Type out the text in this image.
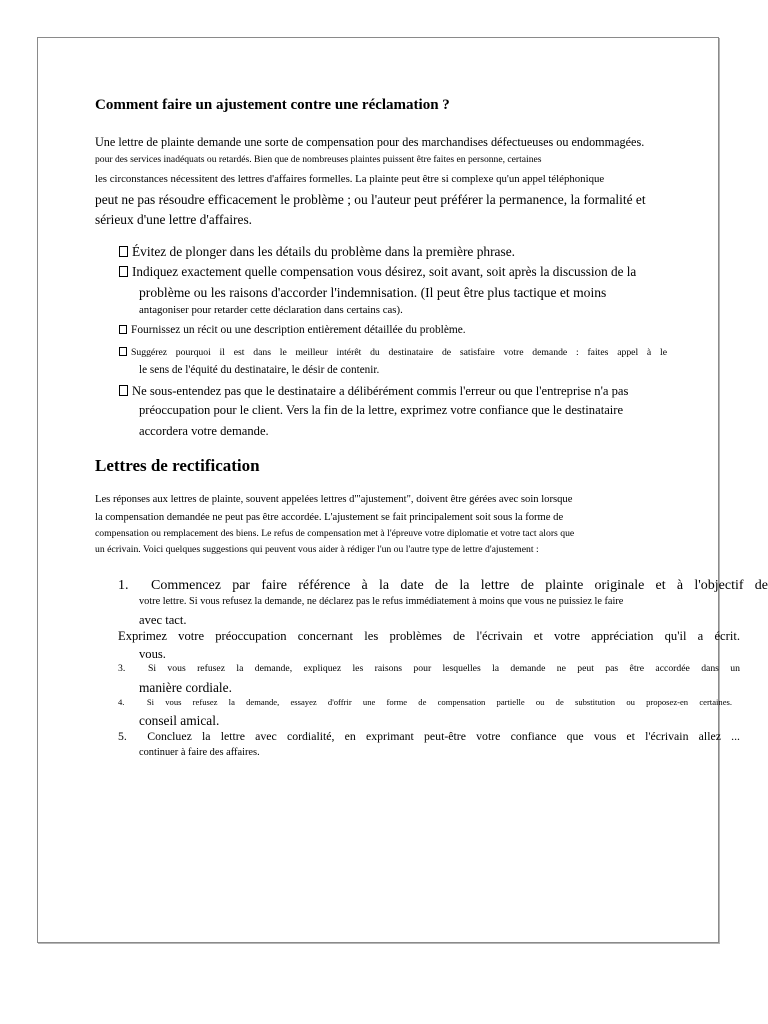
Comment faire un ajustement contre une réclamation ?
Une lettre de plainte demande une sorte de compensation pour des marchandises défectueuses ou endommagées.
pour des services inadéquats ou retardés. Bien que de nombreuses plaintes puissent être faites en personne, certaines
les circonstances nécessitent des lettres d'affaires formelles. La plainte peut être si complexe qu'un appel téléphonique
peut ne pas résoudre efficacement le problème ; ou l'auteur peut préférer la permanence, la formalité et
sérieux d'une lettre d'affaires.
Évitez de plonger dans les détails du problème dans la première phrase.
Indiquez exactement quelle compensation vous désirez, soit avant, soit après la discussion de la
problème ou les raisons d'accorder l'indemnisation. (Il peut être plus tactique et moins
antagoniser pour retarder cette déclaration dans certains cas).
Fournissez un récit ou une description entièrement détaillée du problème.
Suggérez pourquoi il est dans le meilleur intérêt du destinataire de satisfaire votre demande : faites appel à le
le sens de l'équité du destinataire, le désir de contenir.
Ne sous-entendez pas que le destinataire a délibérément commis l'erreur ou que l'entreprise n'a pas
préoccupation pour le client. Vers la fin de la lettre, exprimez votre confiance que le destinataire
accordera votre demande.
Lettres de rectification
Les réponses aux lettres de plainte, souvent appelées lettres d'"ajustement", doivent être gérées avec soin lorsque
la compensation demandée ne peut pas être accordée. L'ajustement se fait principalement soit sous la forme de
compensation ou remplacement des biens. Le refus de compensation met à l'épreuve votre diplomatie et votre tact alors que
un écrivain. Voici quelques suggestions qui peuvent vous aider à rédiger l'un ou l'autre type de lettre d'ajustement :
1.  Commencez par faire référence à la date de la lettre de plainte originale et à l'objectif de
votre lettre. Si vous refusez la demande, ne déclarez pas le refus immédiatement à moins que vous ne puissiez le faire
avec tact.
Exprimez votre préoccupation concernant les problèmes de l'écrivain et votre appréciation qu'il a écrit.
vous.
3.  Si vous refusez la demande, expliquez les raisons pour lesquelles la demande ne peut pas être accordée dans un
manière cordiale.
4.  Si vous refusez la demande, essayez d'offrir une forme de compensation partielle ou de substitution ou proposez-en certaines.
conseil amical.
5.  Concluez la lettre avec cordialité, en exprimant peut-être votre confiance que vous et l'écrivain allez ...
continuer à faire des affaires.
